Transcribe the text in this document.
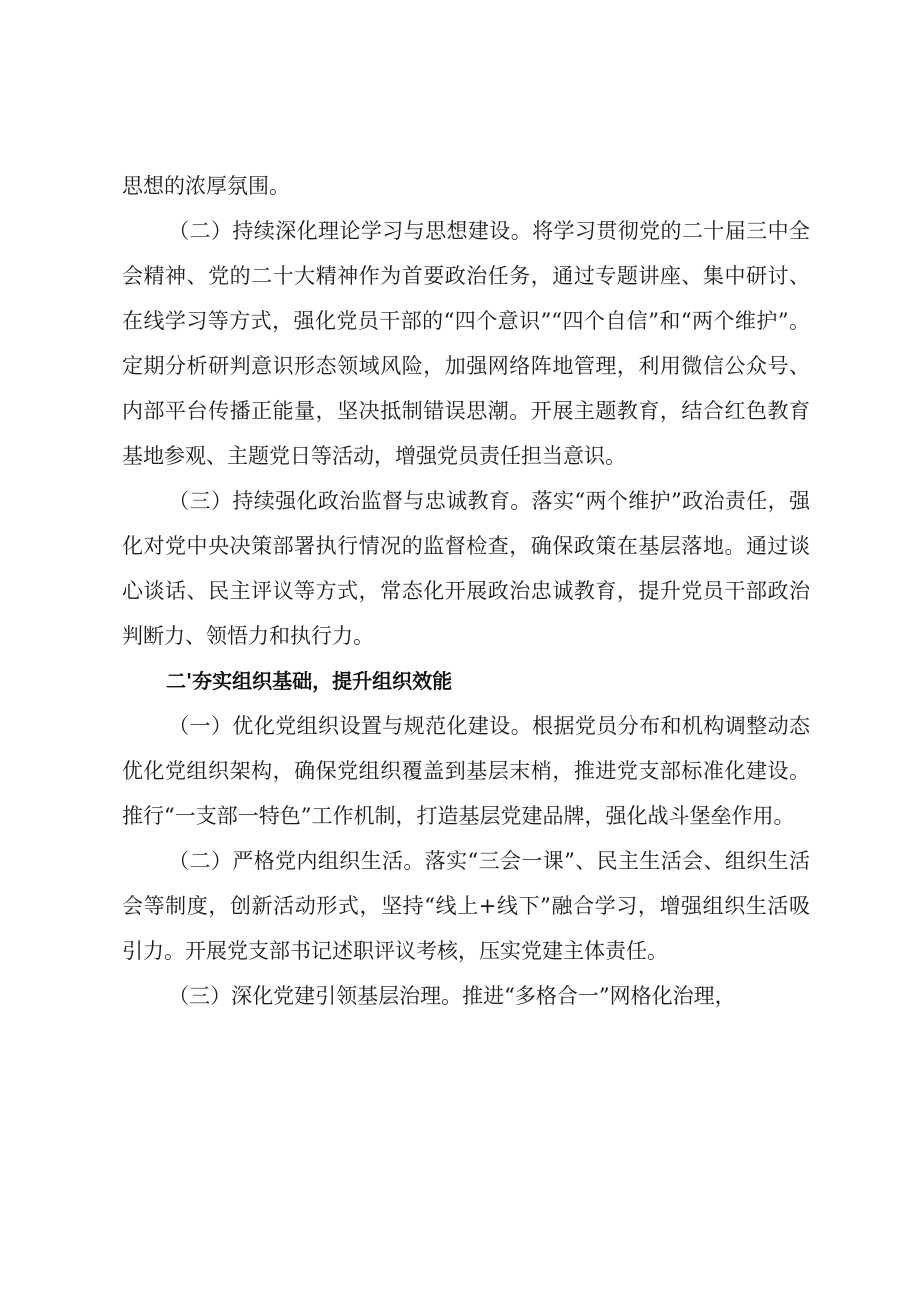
思想的浓厚氛围。

（二）持续深化理论学习与思想建设。将学习贯彻党的二十届三中全会精神、党的二十大精神作为首要政治任务，通过专题讲座、集中研讨、在线学习等方式，强化党员干部的“四个意识”“四个自信”和“两个维护”。定期分析研判意识形态领域风险，加强网络阵地管理，利用微信公众号、内部平台传播正能量，坚决抵制错误思潮。开展主题教育，结合红色教育基地参观、主题党日等活动，增强党员责任担当意识。

（三）持续强化政治监督与忠诚教育。落实“两个维护”政治责任，强化对党中央决策部署执行情况的监督检查，确保政策在基层落地。通过谈心谈话、民主评议等方式，常态化开展政治忠诚教育，提升党员干部政治判断力、领悟力和执行力。

二'夯实组织基础，提升组织效能

（一）优化党组织设置与规范化建设。根据党员分布和机构调整动态优化党组织架构，确保党组织覆盖到基层末梢，推进党支部标准化建设。推行“一支部一特色”工作机制，打造基层党建品牌，强化战斗堡垒作用。

（二）严格党内组织生活。落实“三会一课”、民主生活会、组织生活会等制度，创新活动形式，坚持“线上+线下”融合学习，增强组织生活吸引力。开展党支部书记述职评议考核，压实党建主体责任。

（三）深化党建引领基层治理。推进“多格合一”网格化治理，
